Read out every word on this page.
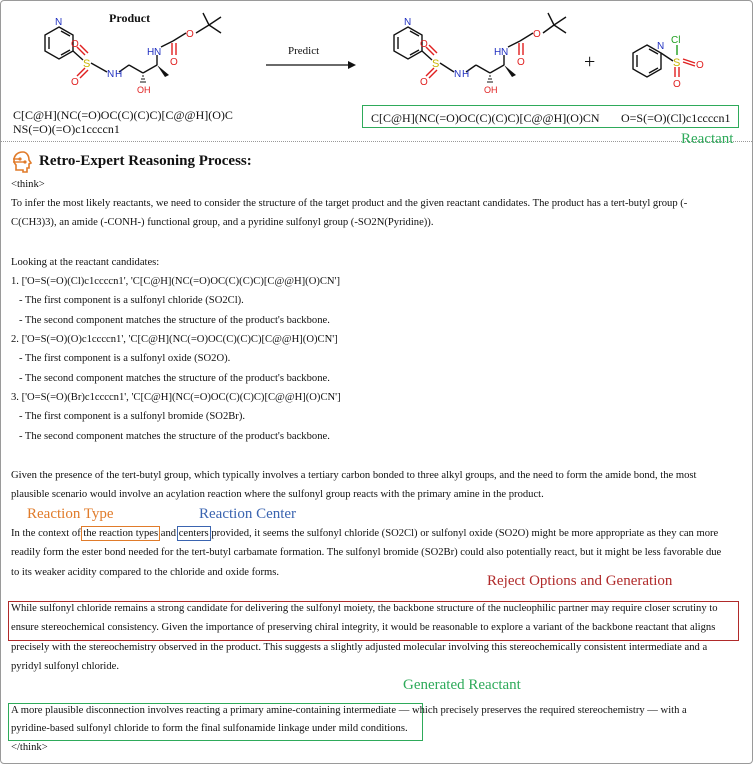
Product
N
S
O
O
N H
OH
H N
O
O
C[C@H](NC(=O)OC(C)(C)C)[C@@H](O)C
NS(=O)(=O)c1ccccn1
Predict
N
S
O
O
N H
OH
H N
O
O	+
N
Cl
S O
O
C[C@H](NC(=O)OC(C)(C)C)[C@@H](O)CN O=S(=O)(Cl)c1ccccn1
Reactant
Retro-Expert Reasoning Process:
<think>
To infer the most likely reactants, we need to consider the structure of the target product and the given reactant candidates. The product has a tert-butyl group (-
C(CH3)3), an amide (-CONH-) functional group, and a pyridine sulfonyl group (-SO2N(Pyridine)).
Looking at the reactant candidates:
1. ['O=S(=O)(Cl)c1ccccn1', 'C[C@H](NC(=O)OC(C)(C)C)[C@@H](O)CN']
- The first component is a sulfonyl chloride (SO2Cl).
- The second component matches the structure of the product's backbone.
2. ['O=S(=O)(O)c1ccccn1', 'C[C@H](NC(=O)OC(C)(C)C)[C@@H](O)CN']
- The first component is a sulfonyl oxide (SO2O).
- The second component matches the structure of the product's backbone.
3. ['O=S(=O)(Br)c1ccccn1', 'C[C@H](NC(=O)OC(C)(C)C)[C@@H](O)CN']
- The first component is a sulfonyl bromide (SO2Br).
- The second component matches the structure of the product's backbone.
Given the presence of the tert-butyl group, which typically involves a tertiary carbon bonded to three alkyl groups, and the need to form the amide bond, the most
plausible scenario would involve an acylation reaction where the sulfonyl group reacts with the primary amine in the product.
Reaction Type	Reaction Center
In the context of the reaction types and centers provided, it seems the sulfonyl chloride (SO2Cl) or sulfonyl oxide (SO2O) might be more appropriate as they can more
readily form the ester bond needed for the tert-butyl carbamate formation. The sulfonyl bromide (SO2Br) could also potentially react, but it might be less favorable due
to its weaker acidity compared to the chloride and oxide forms.
Reject Options and Generation
While sulfonyl chloride remains a strong candidate for delivering the sulfonyl moiety, the backbone structure of the nucleophilic partner may require closer scrutiny to
ensure stereochemical consistency. Given the importance of preserving chiral integrity, it would be reasonable to explore a variant of the backbone reactant that aligns
precisely with the stereochemistry observed in the product. This suggests a slightly adjusted molecular involving this stereochemically consistent intermediate and a
pyridyl sulfonyl chloride.
Generated Reactant
A more plausible disconnection involves reacting a primary amine-containing intermediate — which precisely preserves the required stereochemistry — with a
pyridine-based sulfonyl chloride to form the final sulfonamide linkage under mild conditions.
</think>
